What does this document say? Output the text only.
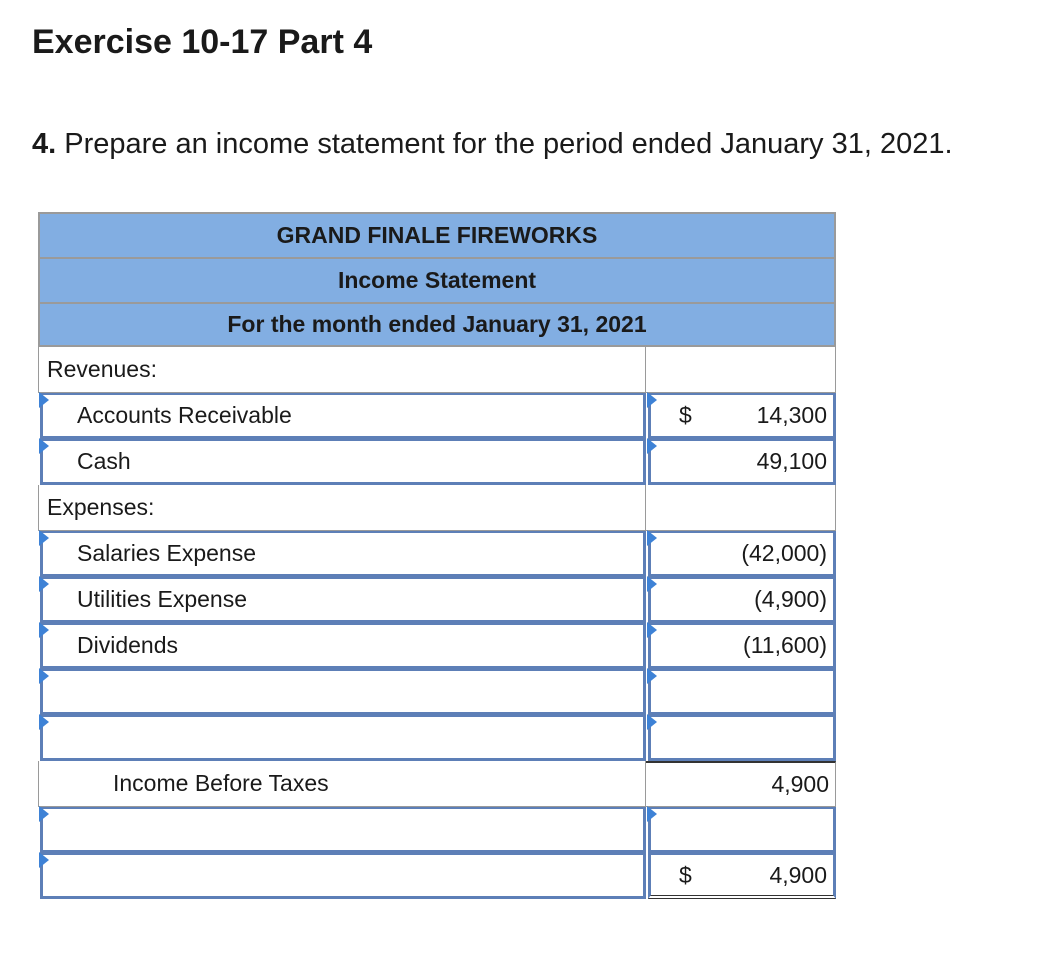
Exercise 10-17 Part 4

4. Prepare an income statement for the period ended January 31, 2021.

GRAND FINALE FIREWORKS
Income Statement
For the month ended January 31, 2021
Revenues:
Accounts Receivable	$	14,300
Cash	49,100
Expenses:
Salaries Expense	(42,000)
Utilities Expense	(4,900)
Dividends	(11,600)
Income Before Taxes	4,900
$	4,900
